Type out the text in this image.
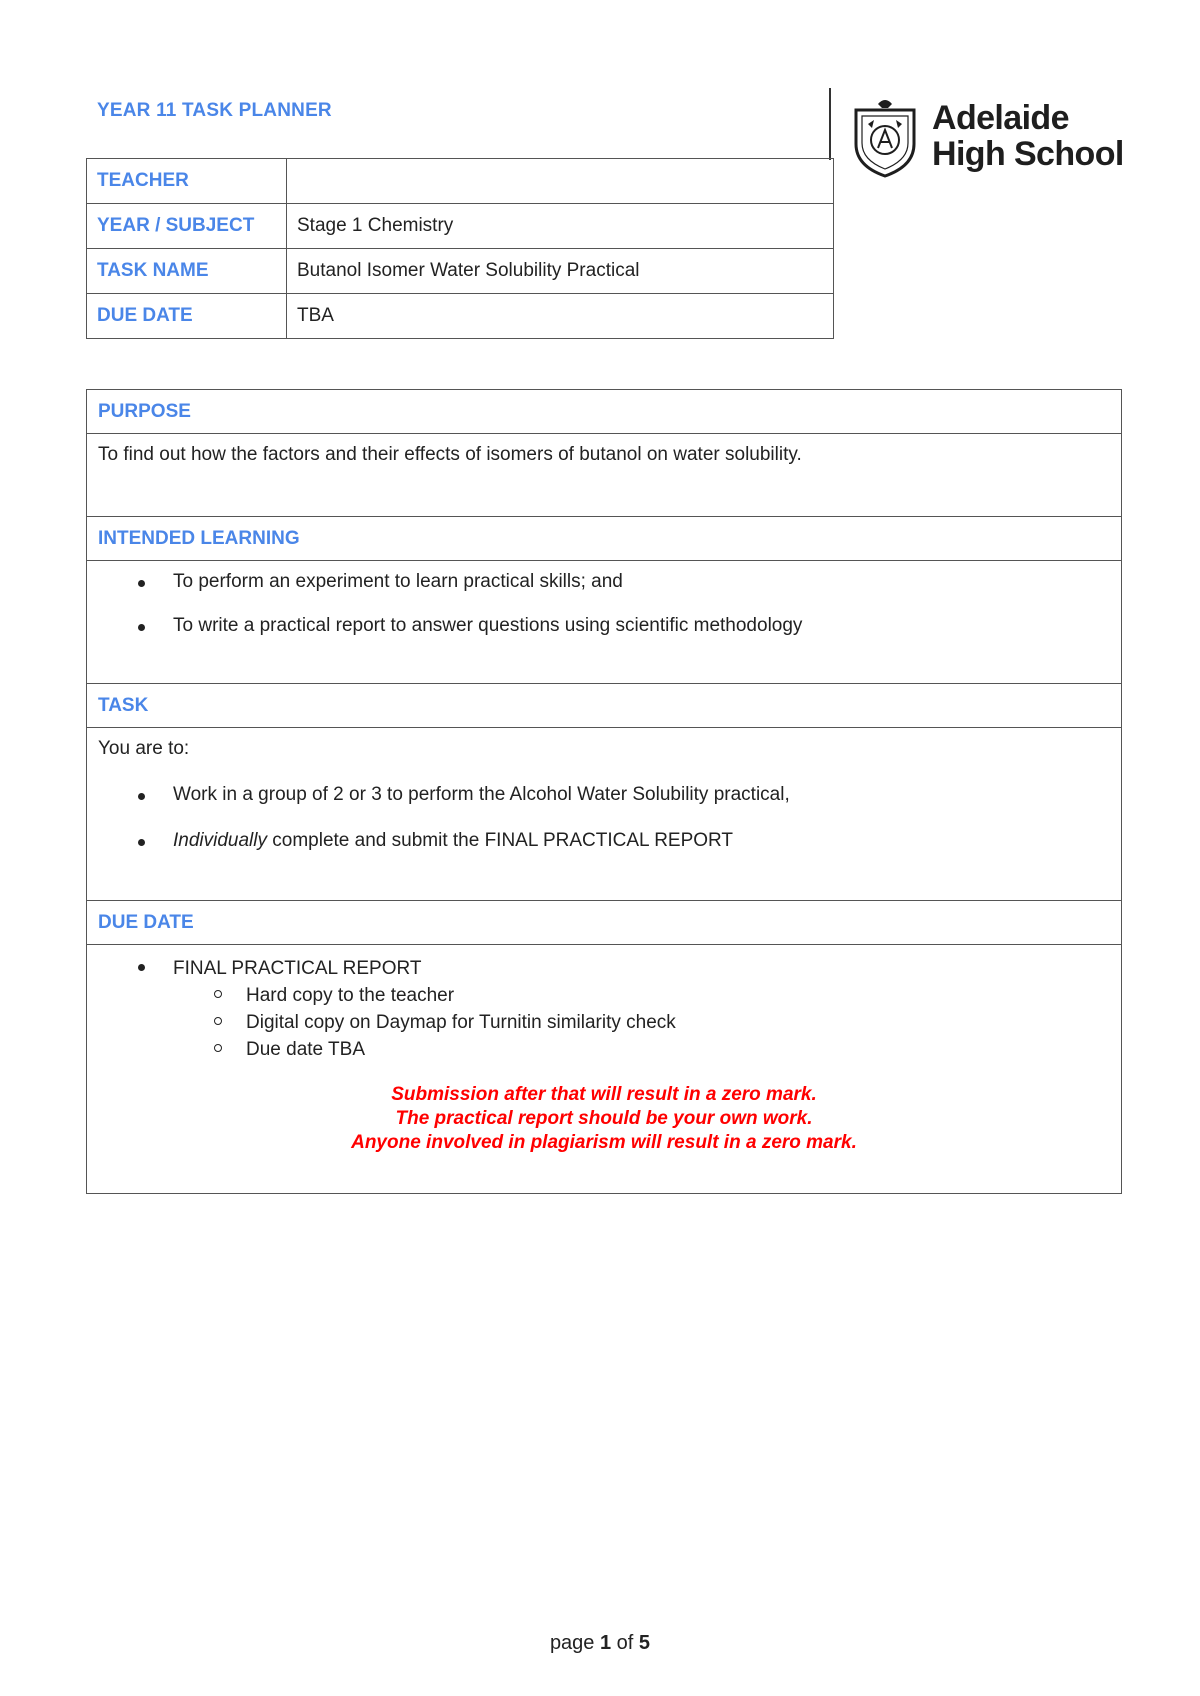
YEAR 11 TASK PLANNER
TEACHER	
YEAR / SUBJECT	Stage 1 Chemistry
TASK NAME	Butanol Isomer Water Solubility Practical
DUE DATE	TBA
Adelaide
High School
PURPOSE

To find out how the factors and their effects of isomers of butanol on water solubility.

INTENDED LEARNING

To perform an experiment to learn practical skills; and
To write a practical report to answer questions using scientific methodology

TASK

You are to:
Work in a group of 2 or 3 to perform the Alcohol Water Solubility practical,
Individually complete and submit the FINAL PRACTICAL REPORT

DUE DATE

FINAL PRACTICAL REPORT
Hard copy to the teacher
Digital copy on Daymap for Turnitin similarity check
Due date TBA
Submission after that will result in a zero mark.
The practical report should be your own work.
Anyone involved in plagiarism will result in a zero mark.
page 1 of 5
